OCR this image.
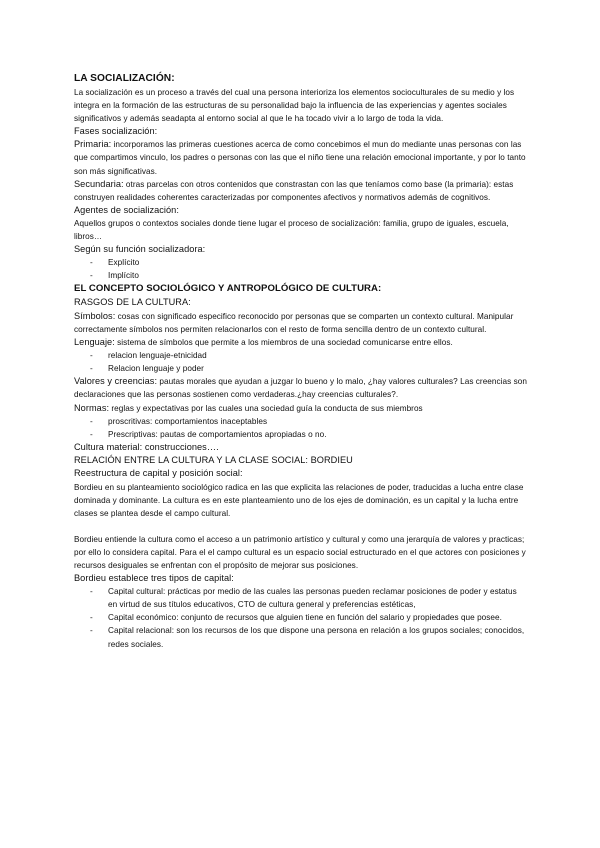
LA SOCIALIZACIÓN:

La socialización es un proceso a través del cual una persona interioriza los elementos socioculturales de su medio y los integra en la formación de las estructuras de su personalidad bajo la influencia de las experiencias y agentes sociales significativos y además seadapta al entorno social al que le ha tocado vivir a lo largo de toda la vida.

Fases socialización:

Primaria: incorporamos las primeras cuestiones acerca de como concebimos el mun do mediante unas personas con las que compartimos vinculo, los padres o personas con las que el niño tiene una relación emocional importante, y por lo tanto son más significativas.

Secundaria: otras parcelas con otros contenidos que constrastan con las que teníamos como base (la primaria): estas construyen realidades coherentes caracterizadas por componentes afectivos y normativos además de cognitivos.

Agentes de socialización:

Aquellos grupos o contextos sociales donde tiene lugar el proceso de socialización: familia, grupo de iguales, escuela, libros…

Según su función socializadora:
- Explícito
- Implícito
EL CONCEPTO SOCIOLÓGICO Y ANTROPOLÓGICO DE CULTURA:
RASGOS DE LA CULTURA:

Símbolos: cosas con significado especifico reconocido por personas que se comparten un contexto cultural. Manipular correctamente símbolos nos permiten relacionarlos con el resto de forma sencilla dentro de un contexto cultural.

Lenguaje: sistema de símbolos que permite a los miembros de una sociedad comunicarse entre ellos.

- relacion lenguaje-etnicidad
- Relacion lenguaje y poder

Valores y creencias: pautas morales que ayudan a juzgar lo bueno y lo malo, ¿hay valores culturales? Las creencias son declaraciones que las personas sostienen como verdaderas.¿hay creencias culturales?.

Normas: reglas y expectativas por las cuales una sociedad guía la conducta de sus miembros

- proscritivas: comportamientos inaceptables
- Prescriptivas: pautas de comportamientos apropiadas o no.
Cultura material: construcciones….
RELACIÓN ENTRE LA CULTURA Y LA CLASE SOCIAL: BORDIEU
Reestructura de capital y posición social:

Bordieu en su planteamiento sociológico radica en las que explicita las relaciones de poder, traducidas a lucha entre clase dominada y dominante. La cultura es en este planteamiento uno de los ejes de dominación, es un capital y la lucha entre clases se plantea desde el campo cultural.

Bordieu entiende la cultura como el acceso a un patrimonio artístico y cultural y como una jerarquía de valores y practicas; por ello lo considera capital. Para el el campo cultural es un espacio social estructurado en el que actores con posiciones y recursos desiguales se enfrentan con el propósito de mejorar sus posiciones.

Bordieu establece tres tipos de capital:
- Capital cultural: prácticas por medio de las cuales las personas pueden reclamar posiciones de poder y estatus en virtud de sus títulos educativos, CTO de cultura general y preferencias estéticas,
- Capital económico: conjunto de recursos que alguien tiene en función del salario y propiedades que posee.
- Capital relacional: son los recursos de los que dispone una persona en relación a los grupos sociales; conocidos, redes sociales.
